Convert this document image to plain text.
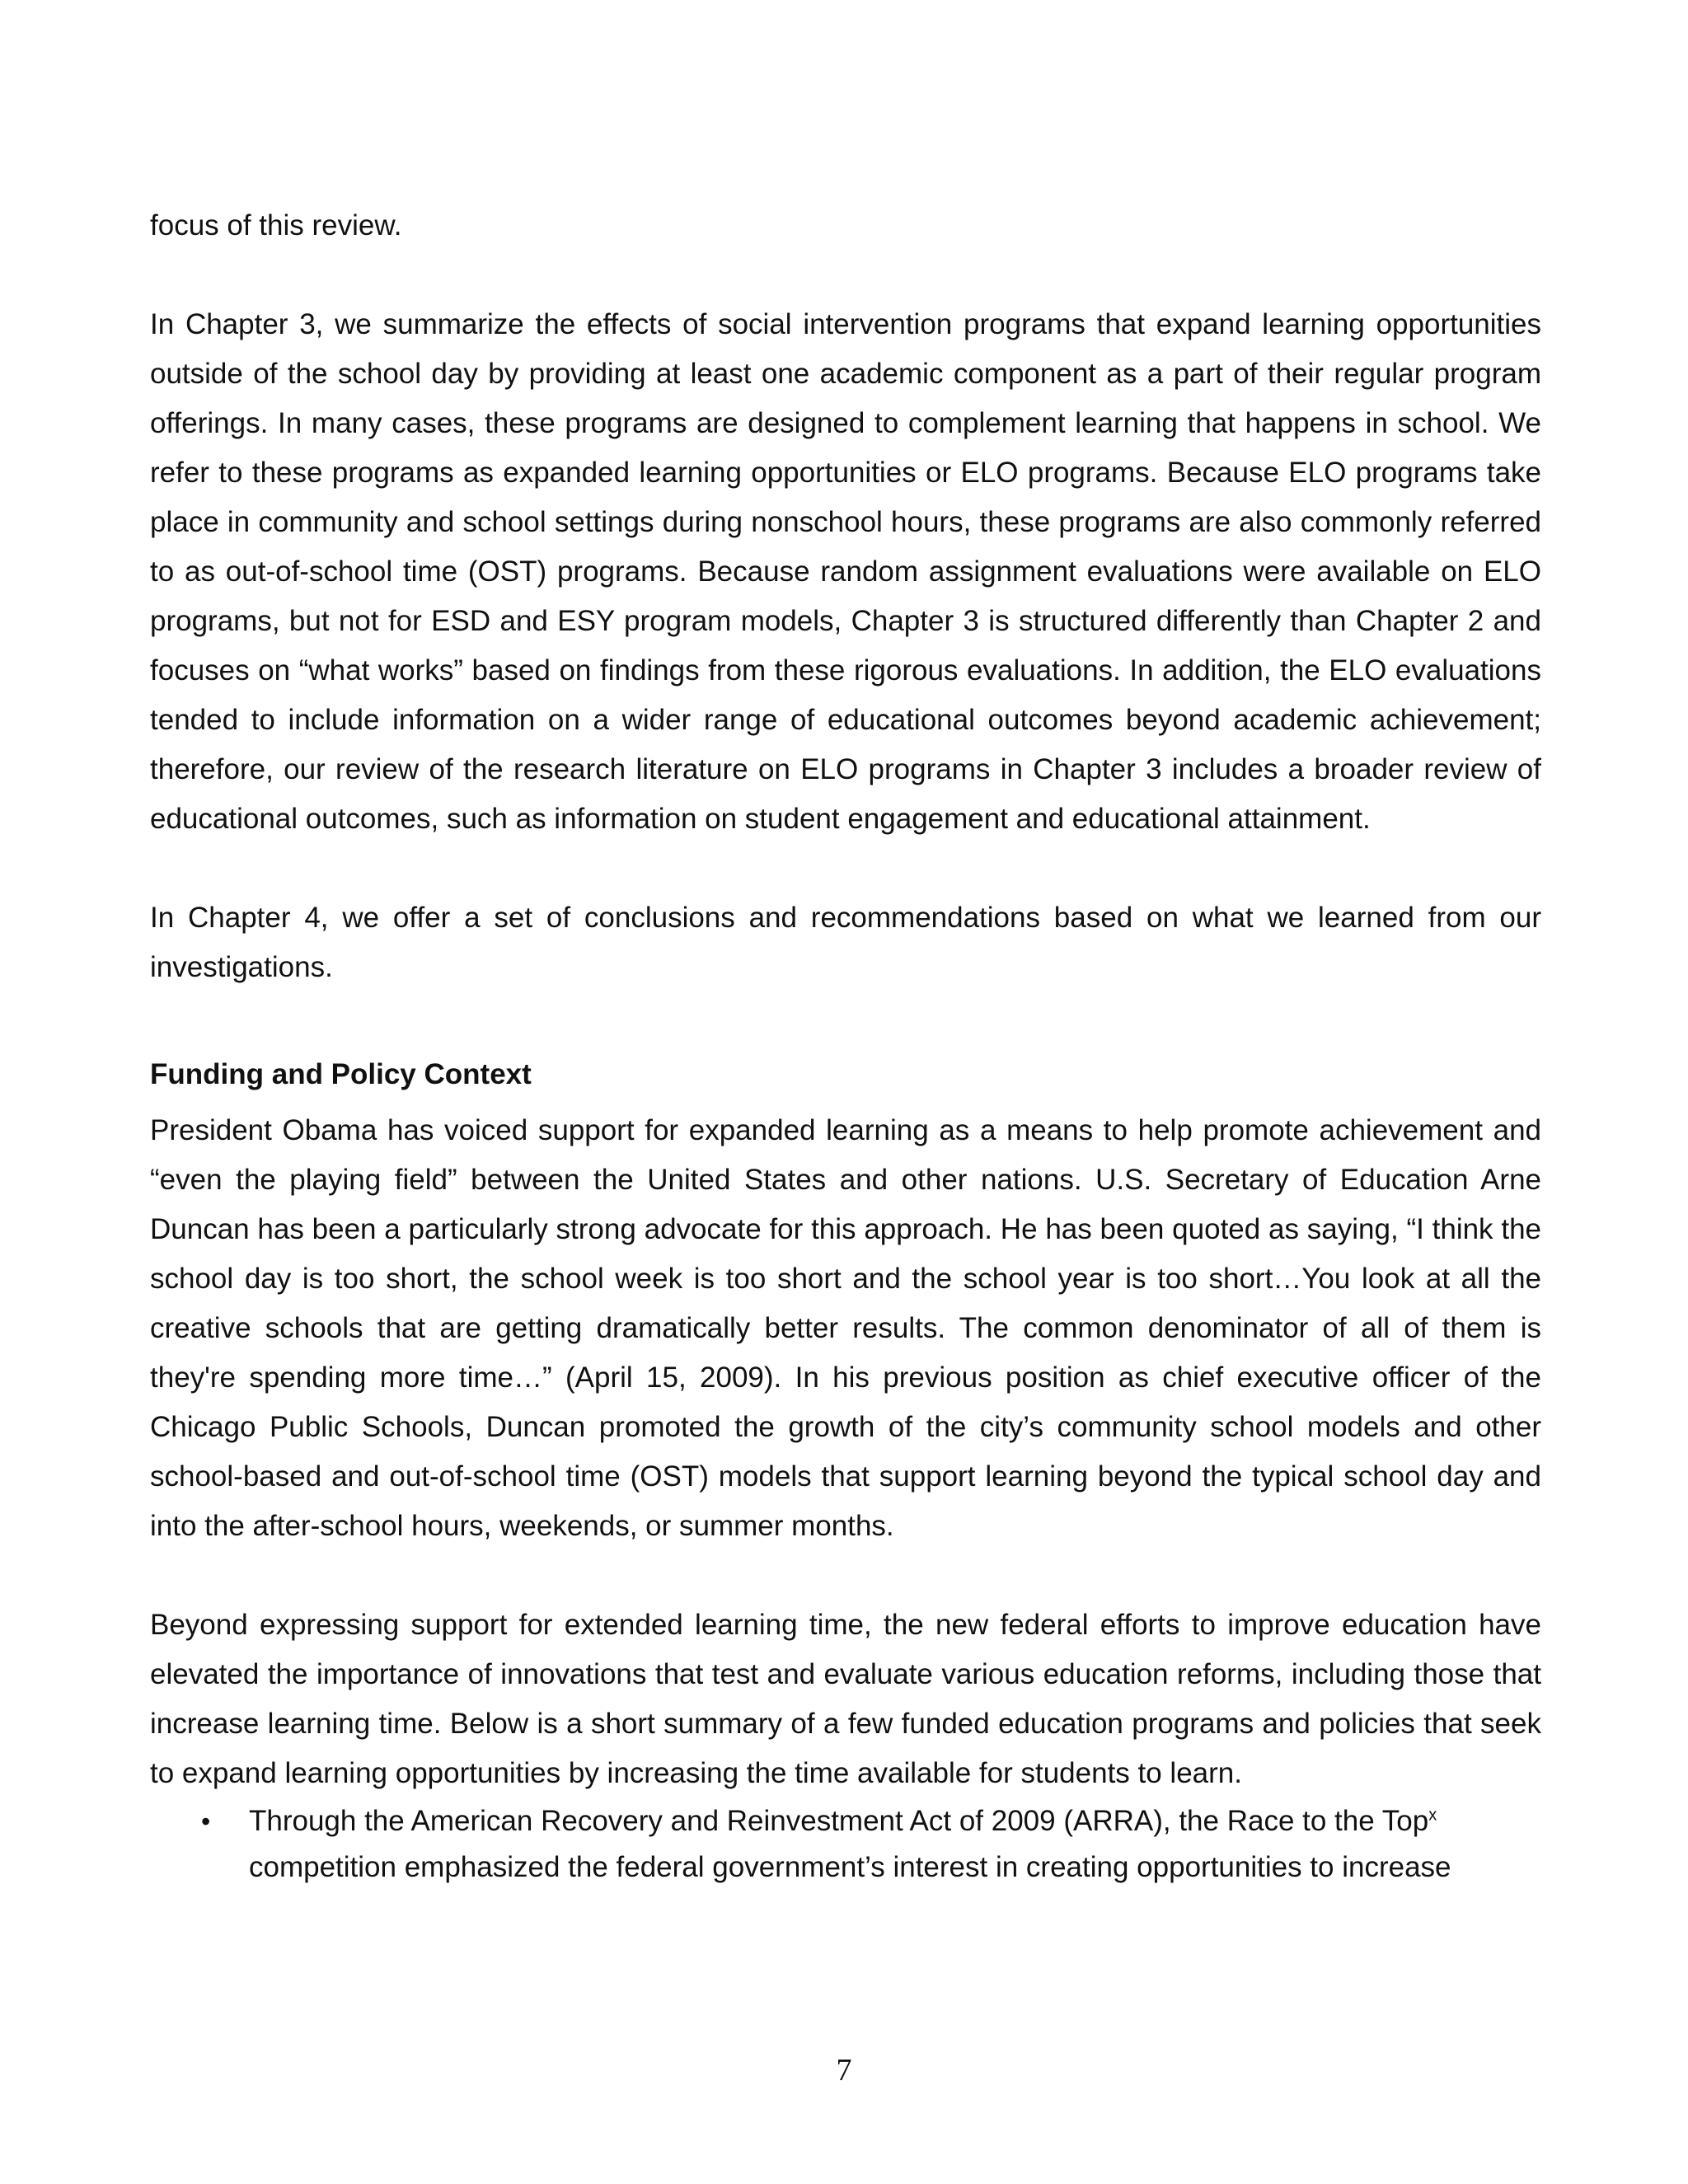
focus of this review.

In Chapter 3, we summarize the effects of social intervention programs that expand learning opportunities outside of the school day by providing at least one academic component as a part of their regular program offerings. In many cases, these programs are designed to complement learning that happens in school. We refer to these programs as expanded learning opportunities or ELO programs. Because ELO programs take place in community and school settings during nonschool hours, these programs are also commonly referred to as out-of-school time (OST) programs. Because random assignment evaluations were available on ELO programs, but not for ESD and ESY program models, Chapter 3 is structured differently than Chapter 2 and focuses on “what works” based on findings from these rigorous evaluations. In addition, the ELO evaluations tended to include information on a wider range of educational outcomes beyond academic achievement; therefore, our review of the research literature on ELO programs in Chapter 3 includes a broader review of educational outcomes, such as information on student engagement and educational attainment.

In Chapter 4, we offer a set of conclusions and recommendations based on what we learned from our investigations.

Funding and Policy Context

President Obama has voiced support for expanded learning as a means to help promote achievement and “even the playing field” between the United States and other nations. U.S. Secretary of Education Arne Duncan has been a particularly strong advocate for this approach. He has been quoted as saying, “I think the school day is too short, the school week is too short and the school year is too short…You look at all the creative schools that are getting dramatically better results. The common denominator of all of them is they're spending more time…” (April 15, 2009). In his previous position as chief executive officer of the Chicago Public Schools, Duncan promoted the growth of the city’s community school models and other school-based and out-of-school time (OST) models that support learning beyond the typical school day and into the after-school hours, weekends, or summer months.

Beyond expressing support for extended learning time, the new federal efforts to improve education have elevated the importance of innovations that test and evaluate various education reforms, including those that increase learning time. Below is a short summary of a few funded education programs and policies that seek to expand learning opportunities by increasing the time available for students to learn.

• Through the American Recovery and Reinvestment Act of 2009 (ARRA), the Race to the Top$^x$
competition emphasized the federal government’s interest in creating opportunities to increase
7
